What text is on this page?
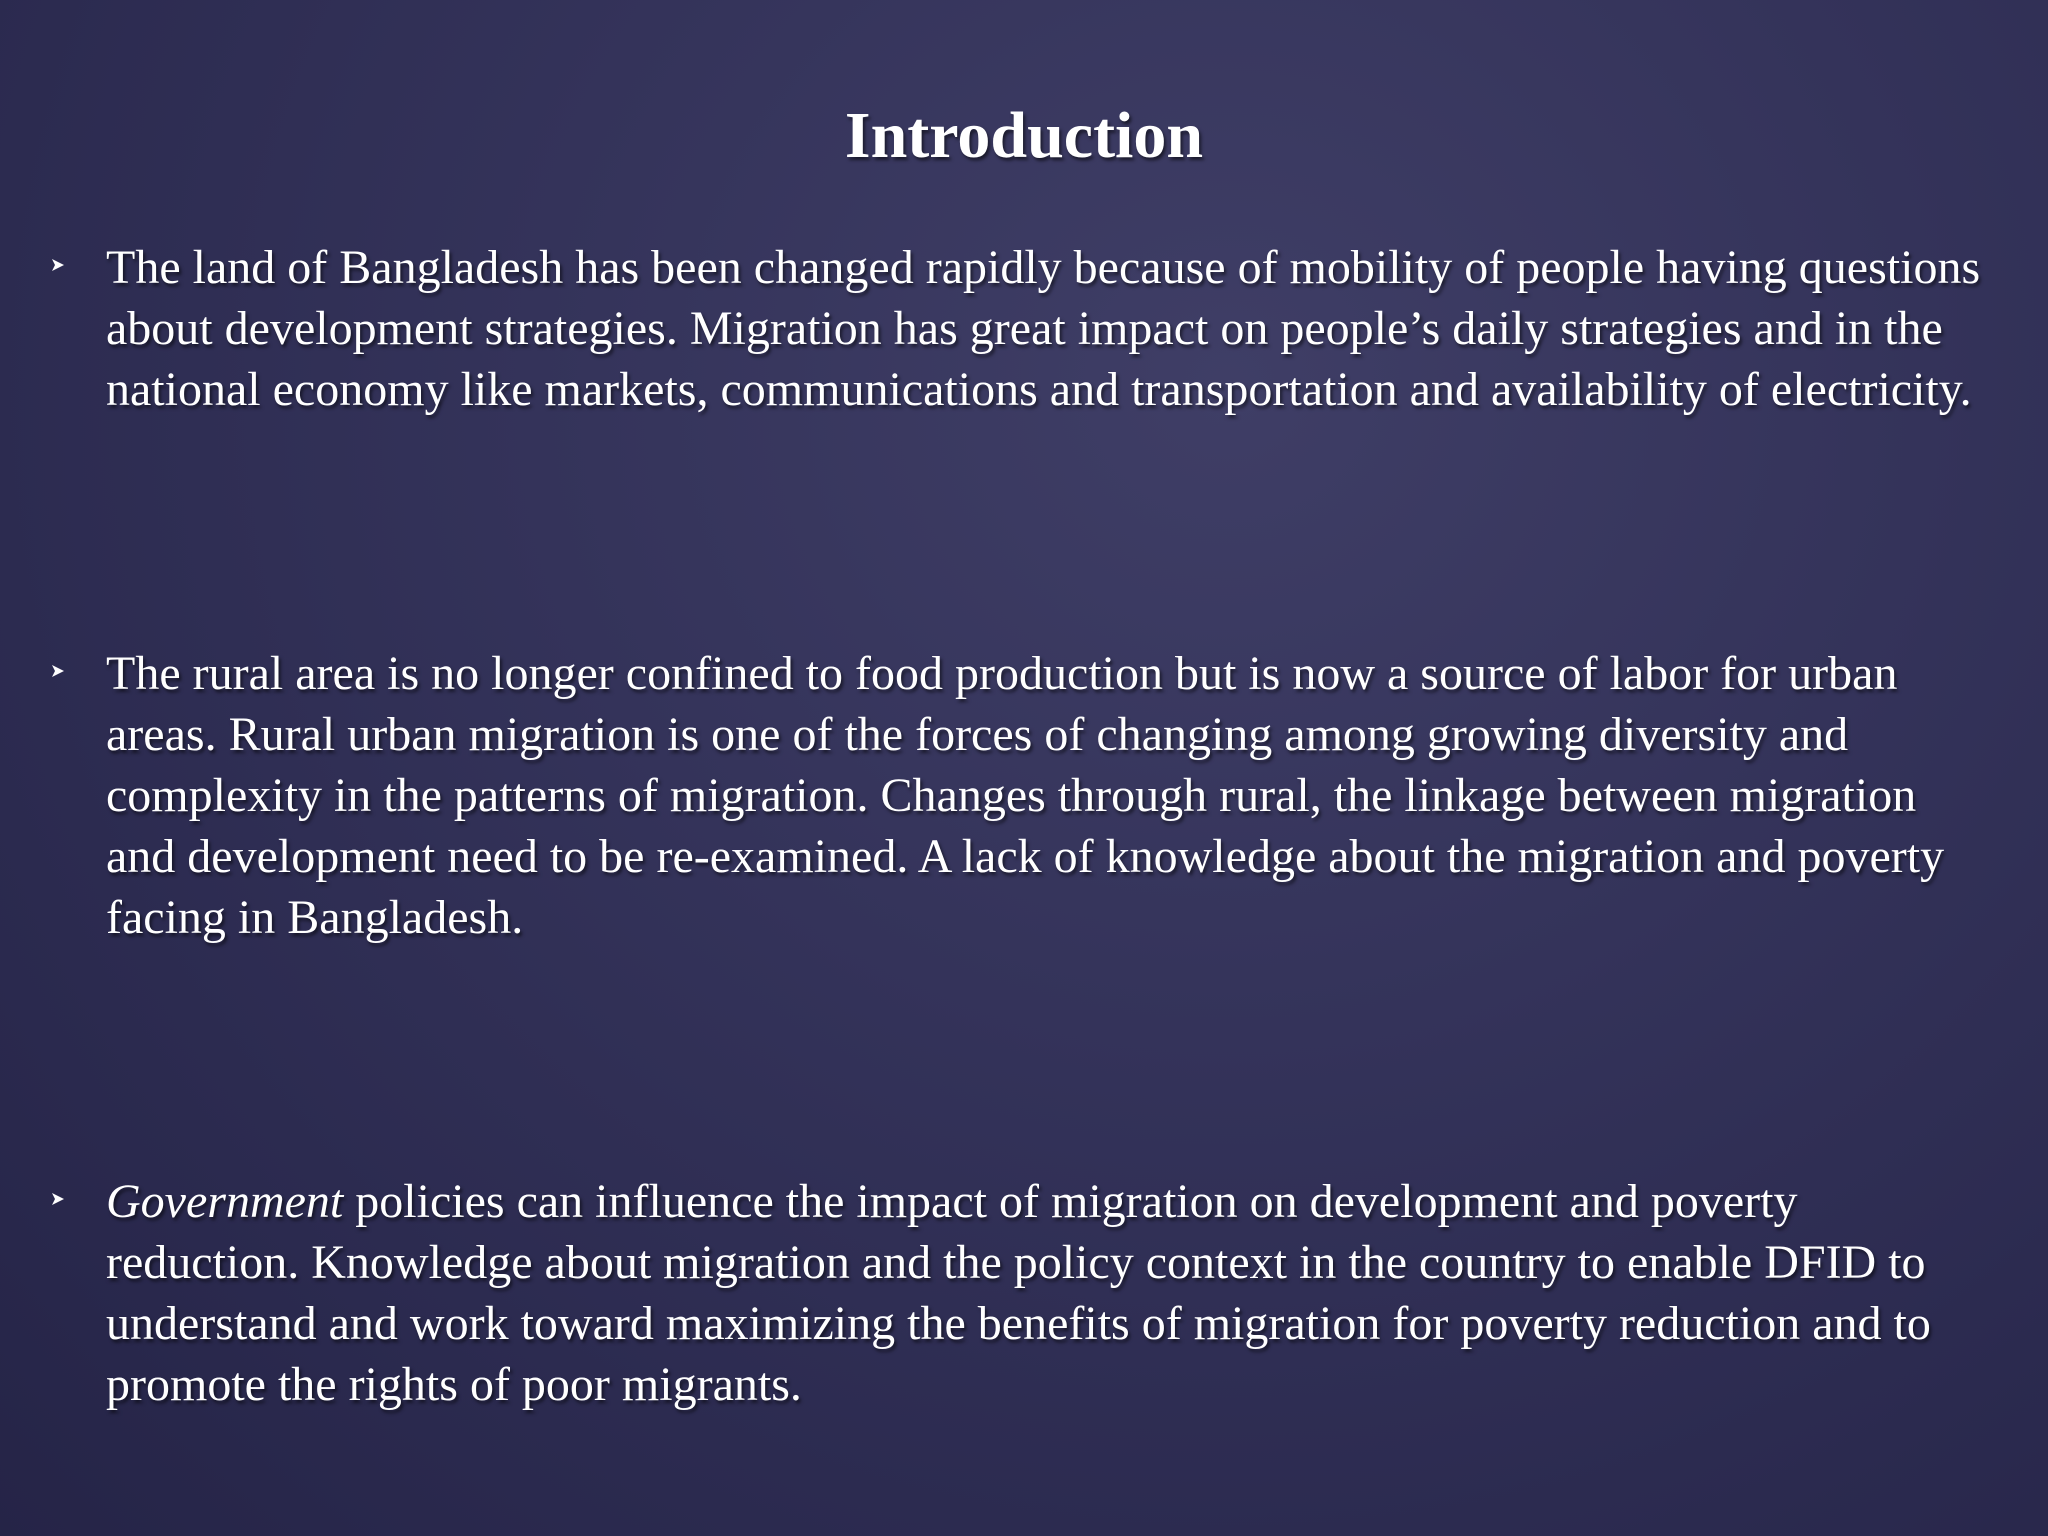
Introduction

The land of Bangladesh has been changed rapidly because of mobility of people having questions about development strategies. Migration has great impact on people’s daily strategies and in the national economy like markets, communications and transportation and availability of electricity.

The rural area is no longer confined to food production but is now a source of labor for urban areas. Rural urban migration is one of the forces of changing among growing diversity and complexity in the patterns of migration. Changes through rural, the linkage between migration and development need to be re-examined. A lack of knowledge about the migration and poverty facing in Bangladesh.

Government policies can influence the impact of migration on development and poverty reduction. Knowledge about migration and the policy context in the country to enable DFID to understand and work toward maximizing the benefits of migration for poverty reduction and to promote the rights of poor migrants.
